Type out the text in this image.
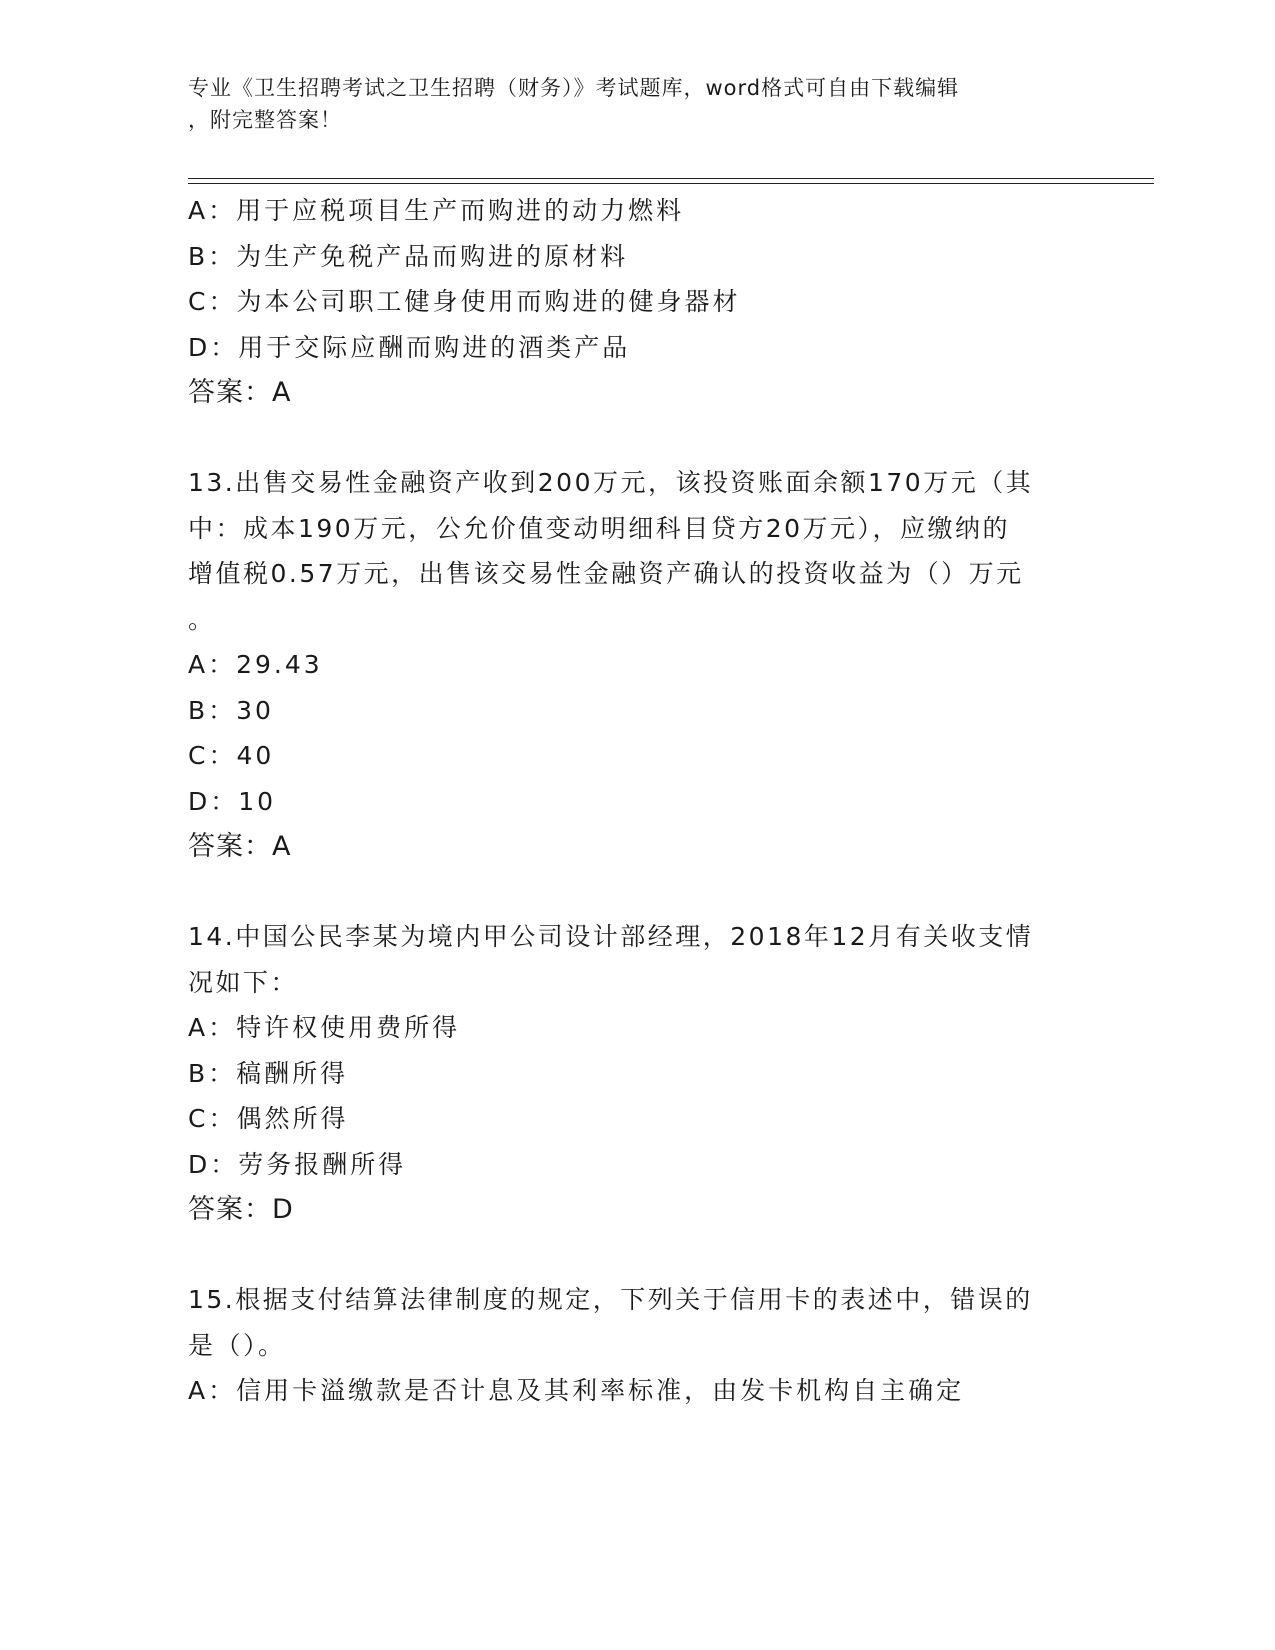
专业《卫生招聘考试之卫生招聘（财务）》考试题库，word格式可自由下载编辑
，附完整答案！
A：用于应税项目生产而购进的动力燃料
B：为生产免税产品而购进的原材料
C：为本公司职工健身使用而购进的健身器材
D：用于交际应酬而购进的酒类产品
答案：A
13.出售交易性金融资产收到200万元，该投资账面余额170万元（其
中：成本190万元，公允价值变动明细科目贷方20万元），应缴纳的
增值税0.57万元，出售该交易性金融资产确认的投资收益为（）万元
。
A：29.43
B：30
C：40
D：10
答案：A
14.中国公民李某为境内甲公司设计部经理，2018年12月有关收支情
况如下：
A：特许权使用费所得
B：稿酬所得
C：偶然所得
D：劳务报酬所得
答案：D
15.根据支付结算法律制度的规定，下列关于信用卡的表述中，错误的
是（）。
A：信用卡溢缴款是否计息及其利率标准，由发卡机构自主确定
